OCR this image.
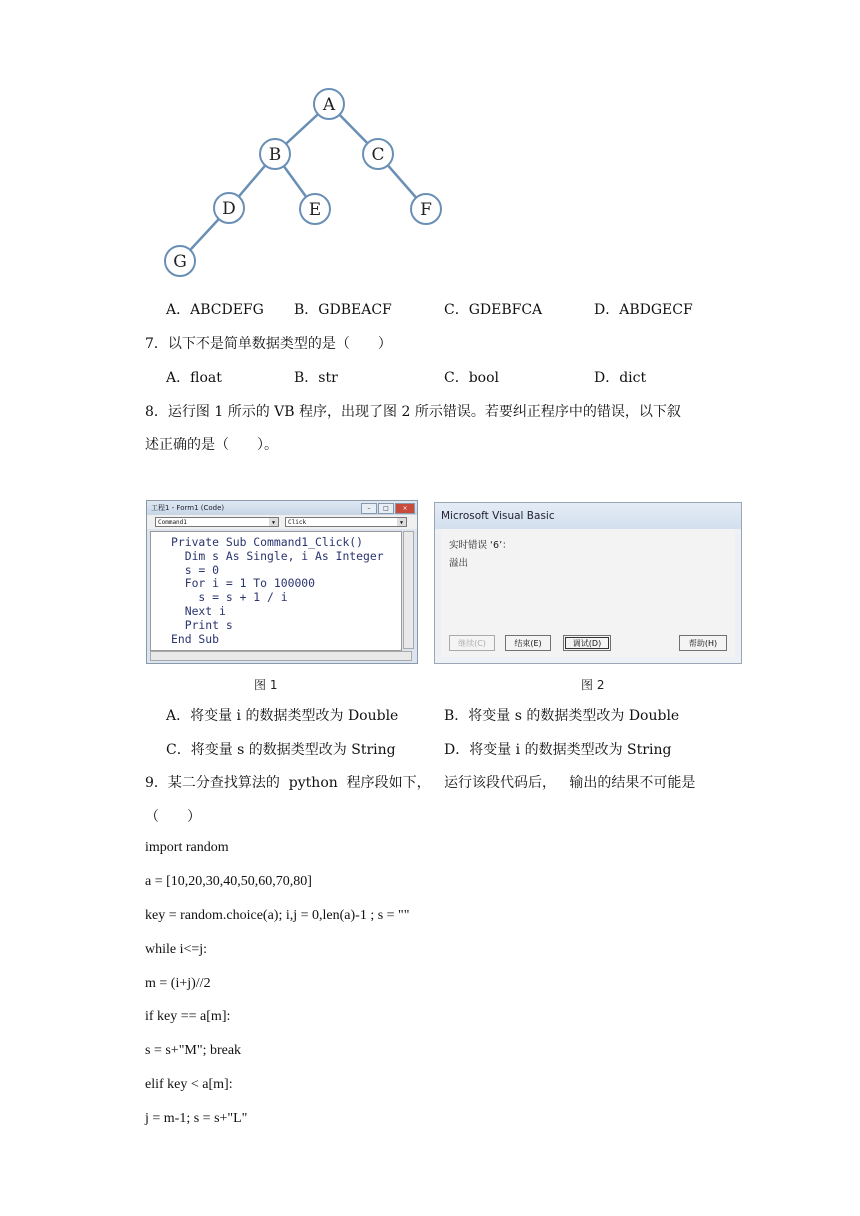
A
B	C
D	E	F
G
A．ABCDEFG B．GDBEACF	C．GDEBFCA	D．ABDGECF
7．以下不是简单数据类型的是（　　）
A．float	B．str	C．bool	D．dict
8．运行图 1 所示的 VB 程序，出现了图 2 所示错误。若要纠正程序中的错误，以下叙
述正确的是（　　）。
工程1 - Form1 (Code)	– □ ×
Command1	▼	Click	▼
Private Sub Command1_Click()
Dim s As Single, i As Integer
s = 0
For i = 1 To 100000
s = s + 1 / i
Next i
Print s
End Sub
图 1
Microsoft Visual Basic
实时错误 ‘6’：
溢出
继续(C)	结束(E)	调试(D)	帮助(H)
图 2
A．将变量 i 的数据类型改为 Double	B．将变量 s 的数据类型改为 Double
C．将变量 s 的数据类型改为 String	D．将变量 i 的数据类型改为 String
9．某二分查找算法的  python  程序段如下，   运行该段代码后，   输出的结果不可能是
（　　）
import random
a = [10,20,30,40,50,60,70,80]
key = random.choice(a); i,j = 0,len(a)-1 ; s = ""
while i<=j:
m = (i+j)//2
if key == a[m]:
s = s+"M"; break
elif key < a[m]:
j = m-1; s = s+"L"
